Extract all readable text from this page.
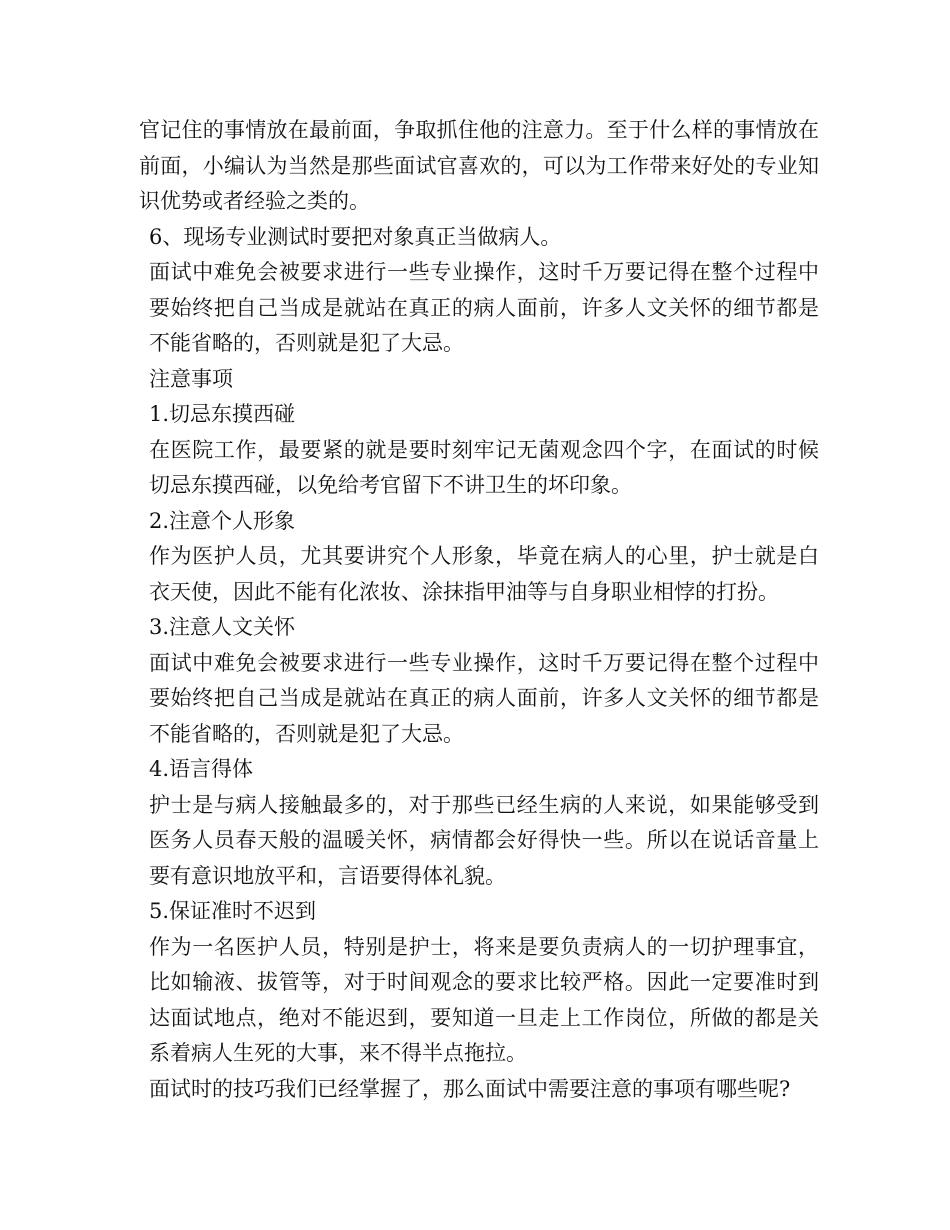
官记住的事情放在最前面，争取抓住他的注意力。至于什么样的事情放在前面，小编认为当然是那些面试官喜欢的，可以为工作带来好处的专业知识优势或者经验之类的。

6、现场专业测试时要把对象真正当做病人。

面试中难免会被要求进行一些专业操作，这时千万要记得在整个过程中要始终把自己当成是就站在真正的病人面前，许多人文关怀的细节都是不能省略的，否则就是犯了大忌。

注意事项

1.切忌东摸西碰

在医院工作，最要紧的就是要时刻牢记无菌观念四个字，在面试的时候切忌东摸西碰，以免给考官留下不讲卫生的坏印象。

2.注意个人形象

作为医护人员，尤其要讲究个人形象，毕竟在病人的心里，护士就是白衣天使，因此不能有化浓妆、涂抹指甲油等与自身职业相悖的打扮。

3.注意人文关怀

面试中难免会被要求进行一些专业操作，这时千万要记得在整个过程中要始终把自己当成是就站在真正的病人面前，许多人文关怀的细节都是不能省略的，否则就是犯了大忌。

4.语言得体

护士是与病人接触最多的，对于那些已经生病的人来说，如果能够受到医务人员春天般的温暖关怀，病情都会好得快一些。所以在说话音量上要有意识地放平和，言语要得体礼貌。

5.保证准时不迟到

作为一名医护人员，特别是护士，将来是要负责病人的一切护理事宜，比如输液、拔管等，对于时间观念的要求比较严格。因此一定要准时到达面试地点，绝对不能迟到，要知道一旦走上工作岗位，所做的都是关系着病人生死的大事，来不得半点拖拉。

面试时的技巧我们已经掌握了，那么面试中需要注意的事项有哪些呢?
